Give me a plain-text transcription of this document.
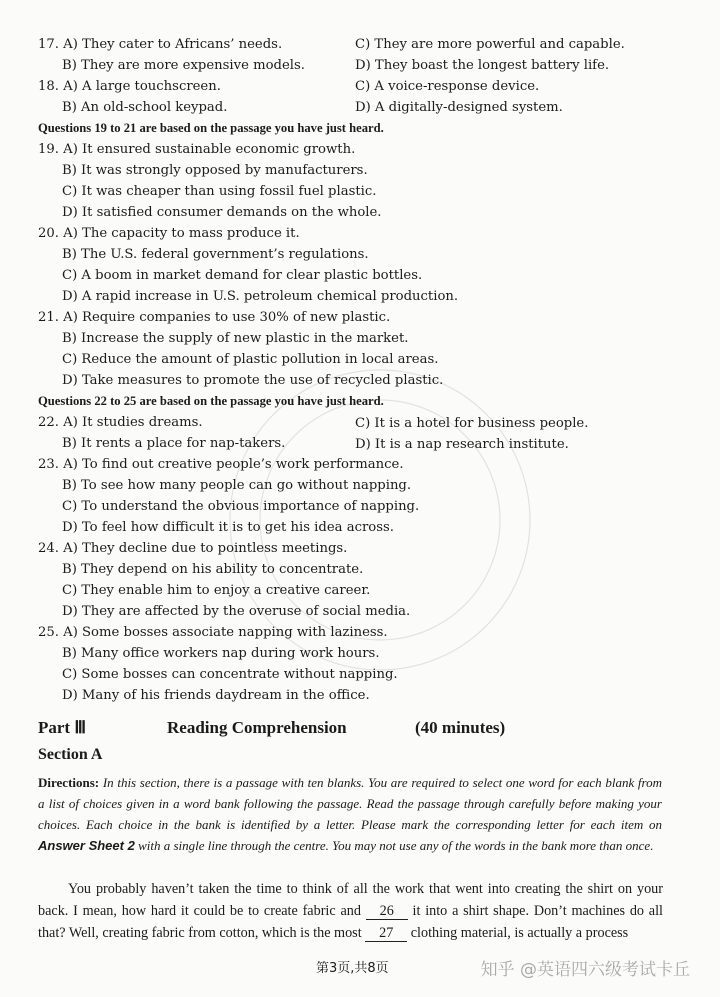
17. A) They cater to Africans’ needs.	C) They are more powerful and capable.
B) They are more expensive models.	D) They boast the longest battery life.
18. A) A large touchscreen.	C) A voice-response device.
B) An old-school keypad.	D) A digitally-designed system.
Questions 19 to 21 are based on the passage you have just heard.
19. A) It ensured sustainable economic growth.
B) It was strongly opposed by manufacturers.
C) It was cheaper than using fossil fuel plastic.
D) It satisfied consumer demands on the whole.
20. A) The capacity to mass produce it.
B) The U.S. federal government’s regulations.
C) A boom in market demand for clear plastic bottles.
D) A rapid increase in U.S. petroleum chemical production.
21. A) Require companies to use 30% of new plastic.
B) Increase the supply of new plastic in the market.
C) Reduce the amount of plastic pollution in local areas.
D) Take measures to promote the use of recycled plastic.
Questions 22 to 25 are based on the passage you have just heard.
22. A) It studies dreams.	C) It is a hotel for business people.
B) It rents a place for nap-takers.	D) It is a nap research institute.
23. A) To find out creative people’s work performance.
B) To see how many people can go without napping.
C) To understand the obvious importance of napping.
D) To feel how difficult it is to get his idea across.
24. A) They decline due to pointless meetings.
B) They depend on his ability to concentrate.
C) They enable him to enjoy a creative career.
D) They are affected by the overuse of social media.
25. A) Some bosses associate napping with laziness.
B) Many office workers nap during work hours.
C) Some bosses can concentrate without napping.
D) Many of his friends daydream in the office.
Part Ⅲ	Reading Comprehension	(40 minutes)
Section A
Directions: In this section, there is a passage with ten blanks. You are required to select one word for each blank from a list of choices given in a word bank following the passage. Read the passage through carefully before making your choices. Each choice in the bank is identified by a letter. Please mark the corresponding letter for each item on Answer Sheet 2 with a single line through the centre. You may not use any of the words in the bank more than once.
You probably haven’t taken the time to think of all the work that went into creating the shirt on your back. I mean, how hard it could be to create fabric and 26 it into a shirt shape. Don’t machines do all that? Well, creating fabric from cotton, which is the most 27 clothing material, is actually a process
第3页,共8页	知乎 @英语四六级考试卡丘
